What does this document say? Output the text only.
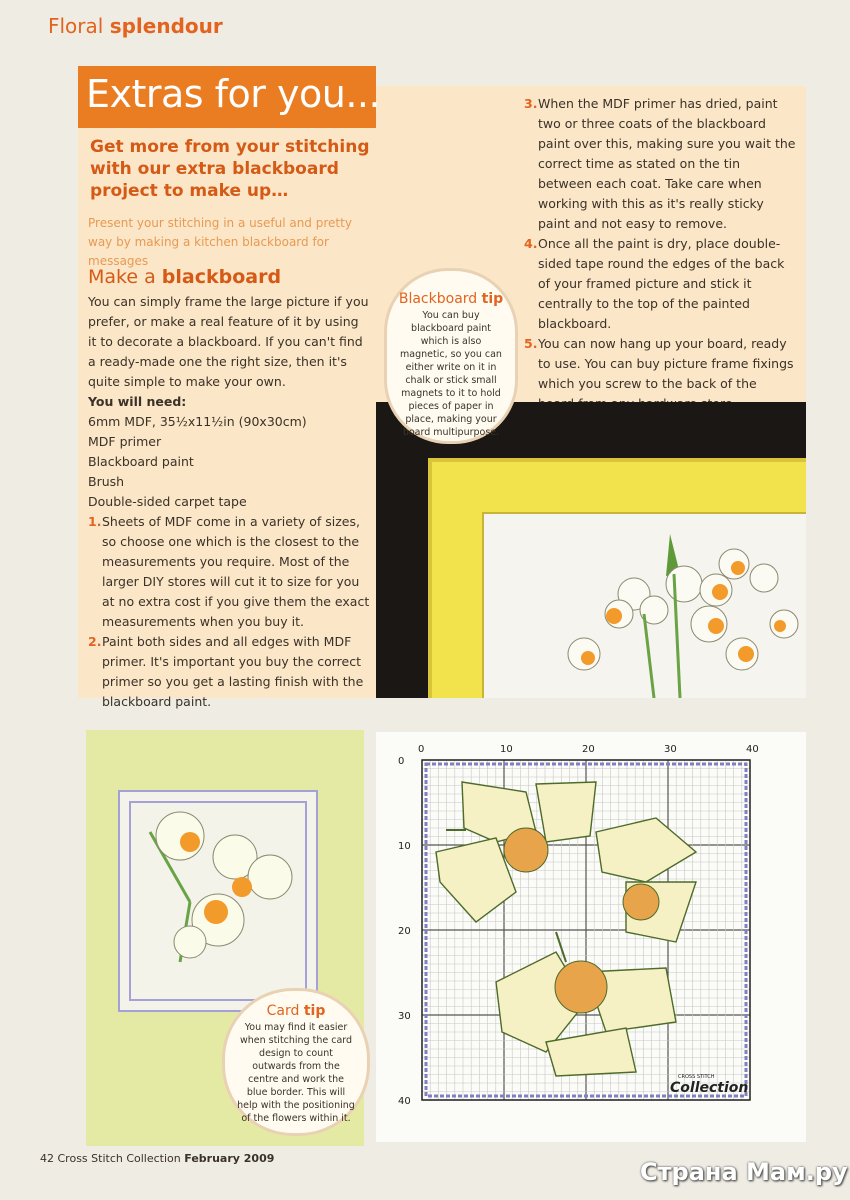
Floral splendour
Extras for you...
Get more from your stitching with our extra blackboard project to make up…
Present your stitching in a useful and pretty way by making a kitchen blackboard for messages
Make a blackboard

You can simply frame the large picture if you prefer, or make a real feature of it by using it to decorate a blackboard. If you can't find a ready-made one the right size, then it's quite simple to make your own.

You will need:

6mm MDF, 35½x11½in (90x30cm)

MDF primer

Blackboard paint

Brush

Double-sided carpet tape

1. Sheets of MDF come in a variety of sizes, so choose one which is the closest to the measurements you require. Most of the larger DIY stores will cut it to size for you at no extra cost if you give them the exact measurements when you buy it.
2. Paint both sides and all edges with MDF primer. It's important you buy the correct primer so you get a lasting finish with the blackboard paint.
3. When the MDF primer has dried, paint two or three coats of the blackboard paint over this, making sure you wait the correct time as stated on the tin between each coat. Take care when working with this as it's really sticky paint and not easy to remove.
4. Once all the paint is dry, place double-sided tape round the edges of the back of your framed picture and stick it centrally to the top of the painted blackboard.
5. You can now hang up your board, ready to use. You can buy picture frame fixings which you screw to the back of the
Blackboard tip
You can buy blackboard paint which is also magnetic, so you can either write on it in chalk or stick small magnets to it to hold pieces of paper in place, making your board multipurpose.
Card tip
You may find it easier when stitching the card design to count outwards from the centre and work the blue border. This will help with the positioning of the flowers within it.
0	10	20	30	40
0
10
20
30
40
CROSS STITCH
Collection
42 Cross Stitch Collection February 2009	Страна Мам.ру
